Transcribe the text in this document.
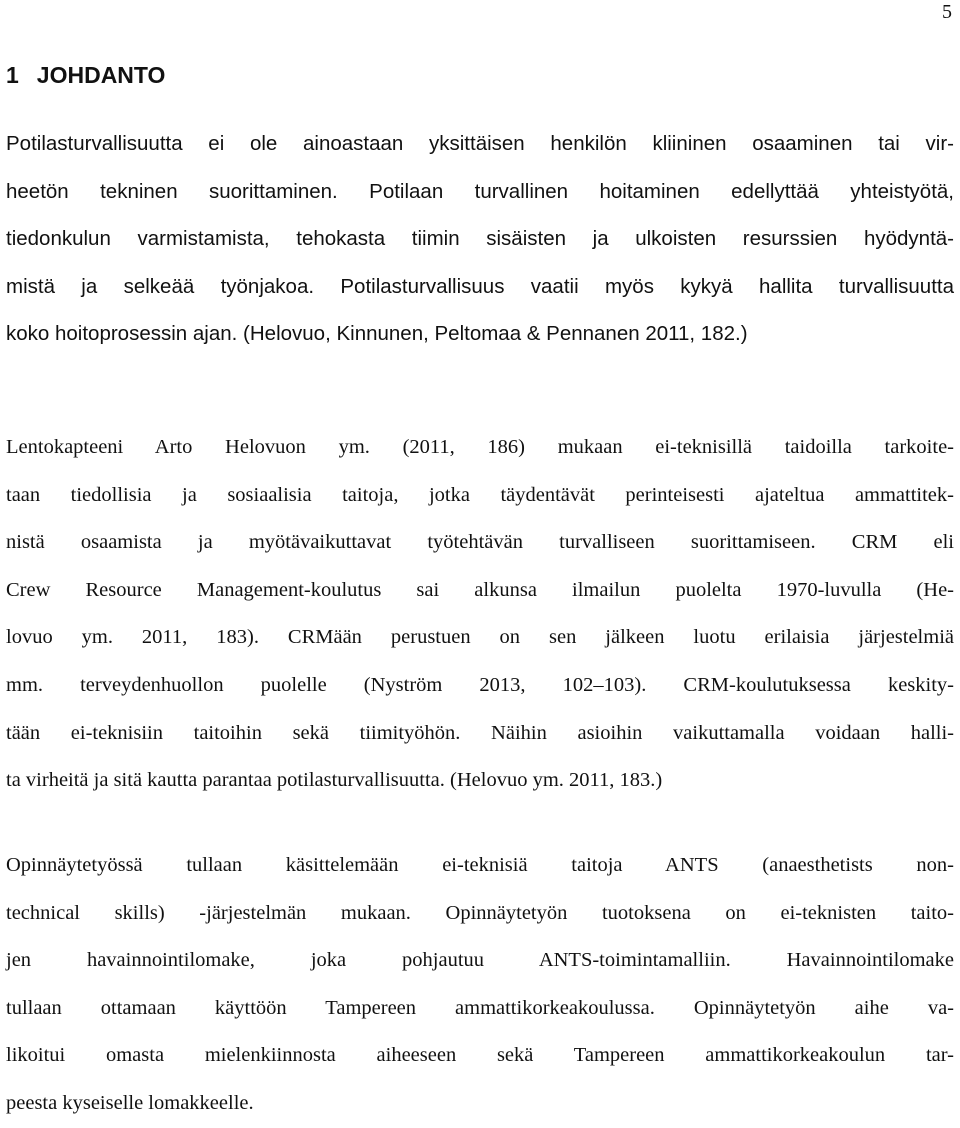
5
1 JOHDANTO

Potilasturvallisuutta ei ole ainoastaan yksittäisen henkilön kliininen osaaminen tai vir-
heetön tekninen suorittaminen. Potilaan turvallinen hoitaminen edellyttää yhteistyötä,
tiedonkulun varmistamista, tehokasta tiimin sisäisten ja ulkoisten resurssien hyödyntä-
mistä ja selkeää työnjakoa. Potilasturvallisuus vaatii myös kykyä hallita turvallisuutta
koko hoitoprosessin ajan. (Helovuo, Kinnunen, Peltomaa & Pennanen 2011, 182.)

Lentokapteeni Arto Helovuon ym. (2011, 186) mukaan ei-teknisillä taidoilla tarkoite-
taan tiedollisia ja sosiaalisia taitoja, jotka täydentävät perinteisesti ajateltua ammattitek-
nistä osaamista ja myötävaikuttavat työtehtävän turvalliseen suorittamiseen. CRM eli
Crew Resource Management-koulutus sai alkunsa ilmailun puolelta 1970-luvulla (He-
lovuo ym. 2011, 183). CRMään perustuen on sen jälkeen luotu erilaisia järjestelmiä
mm. terveydenhuollon puolelle (Nyström 2013, 102–103). CRM-koulutuksessa keskity-
tään ei-teknisiin taitoihin sekä tiimityöhön. Näihin asioihin vaikuttamalla voidaan halli-
ta virheitä ja sitä kautta parantaa potilasturvallisuutta. (Helovuo ym. 2011, 183.)

Opinnäytetyössä tullaan käsittelemään ei-teknisiä taitoja ANTS (anaesthetists non-
technical skills) -järjestelmän mukaan. Opinnäytetyön tuotoksena on ei-teknisten taito-
jen havainnointilomake, joka pohjautuu ANTS-toimintamalliin. Havainnointilomake
tullaan ottamaan käyttöön Tampereen ammattikorkeakoulussa. Opinnäytetyön aihe va-
likoitui omasta mielenkiinnosta aiheeseen sekä Tampereen ammattikorkeakoulun tar-
peesta kyseiselle lomakkeelle.
